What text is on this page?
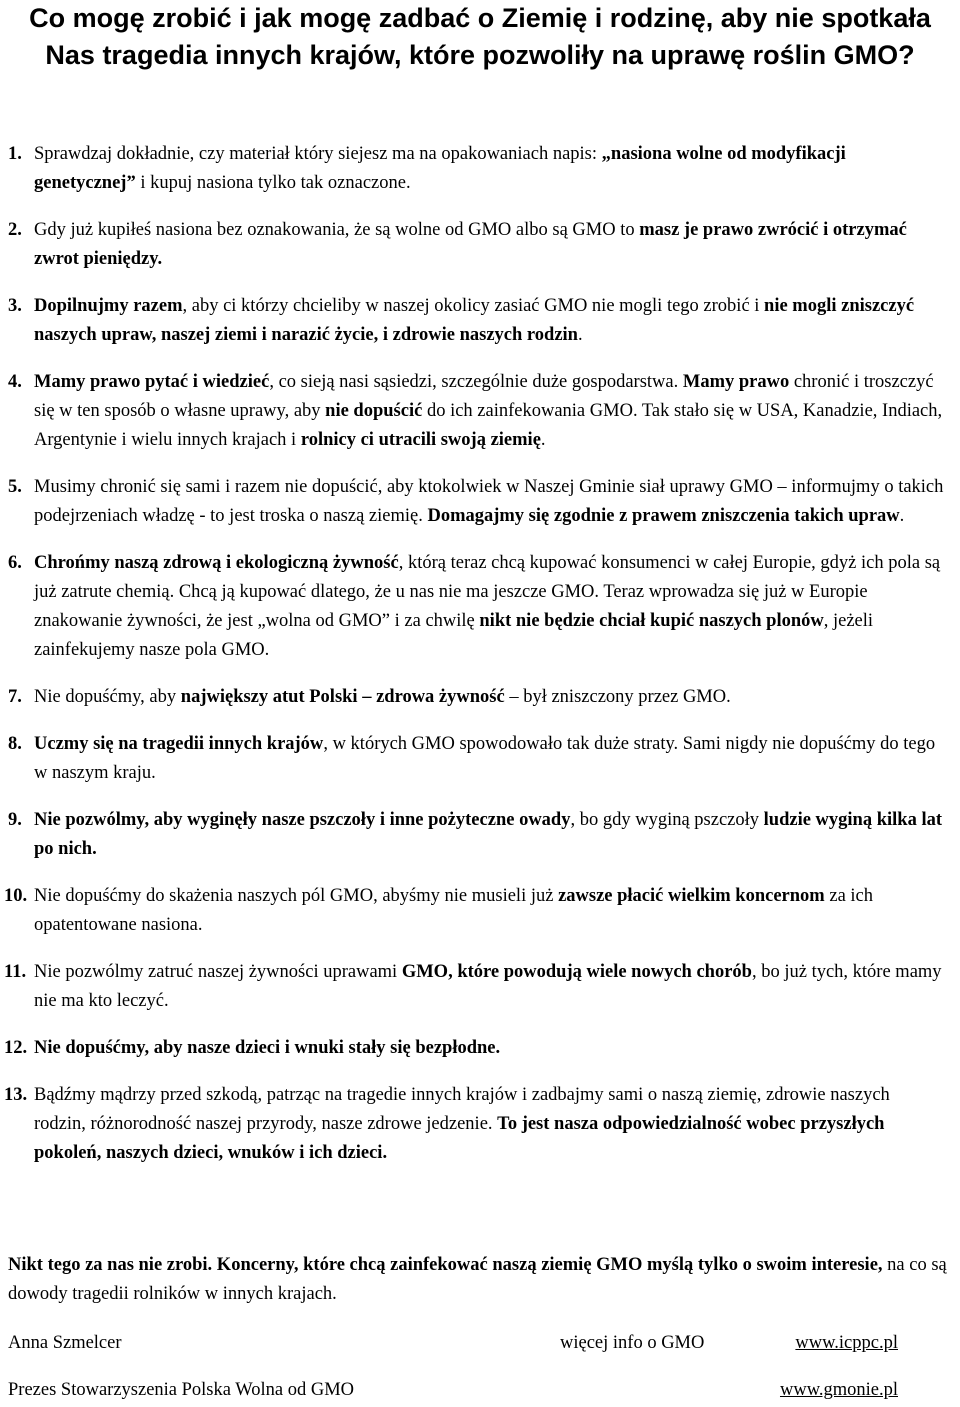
Co mogę zrobić i jak mogę zadbać o Ziemię i rodzinę, aby nie spotkała Nas tragedia innych krajów, które pozwoliły na uprawę roślin GMO?
1. Sprawdzaj dokładnie, czy materiał który siejesz ma na opakowaniach napis: „nasiona wolne od modyfikacji genetycznej” i kupuj nasiona tylko tak oznaczone.
2. Gdy już kupiłeś nasiona bez oznakowania, że są wolne od GMO albo są GMO to masz je prawo zwrócić i otrzymać zwrot pieniędzy.
3. Dopilnujmy razem, aby ci którzy chcieliby w naszej okolicy zasiać GMO nie mogli tego zrobić i nie mogli zniszczyć naszych upraw, naszej ziemi i narazić życie, i zdrowie naszych rodzin.
4. Mamy prawo pytać i wiedzieć, co sieją nasi sąsiedzi, szczególnie duże gospodarstwa. Mamy prawo chronić i troszczyć się w ten sposób o własne uprawy, aby nie dopuścić do ich zainfekowania GMO. Tak stało się w USA, Kanadzie, Indiach, Argentynie i wielu innych krajach i rolnicy ci utracili swoją ziemię.
5. Musimy chronić się sami i razem nie dopuścić, aby ktokolwiek w Naszej Gminie siał uprawy GMO – informujmy o takich podejrzeniach władzę - to jest troska o naszą ziemię. Domagajmy się zgodnie z prawem zniszczenia takich upraw.
6. Chrońmy naszą zdrową i ekologiczną żywność, którą teraz chcą kupować konsumenci w całej Europie, gdyż ich pola są już zatrute chemią. Chcą ją kupować dlatego, że u nas nie ma jeszcze GMO. Teraz wprowadza się już w Europie znakowanie żywności, że jest „wolna od GMO” i za chwilę nikt nie będzie chciał kupić naszych plonów, jeżeli zainfekujemy nasze pola GMO.
7. Nie dopuśćmy, aby największy atut Polski – zdrowa żywność – był zniszczony przez GMO.
8. Uczmy się na tragedii innych krajów, w których GMO spowodowało tak duże straty. Sami nigdy nie dopuśćmy do tego w naszym kraju.
9. Nie pozwólmy, aby wyginęły nasze pszczoły i inne pożyteczne owady, bo gdy wyginą pszczoły ludzie wyginą kilka lat po nich.
10. Nie dopuśćmy do skażenia naszych pól GMO, abyśmy nie musieli już zawsze płacić wielkim koncernom za ich opatentowane nasiona.
11. Nie pozwólmy zatruć naszej żywności uprawami GMO, które powodują wiele nowych chorób, bo już tych, które mamy nie ma kto leczyć.
12. Nie dopuśćmy, aby nasze dzieci i wnuki stały się bezpłodne.
13. Bądźmy mądrzy przed szkodą, patrząc na tragedie innych krajów i zadbajmy sami o naszą ziemię, zdrowie naszych rodzin, różnorodność naszej przyrody, nasze zdrowe jedzenie. To jest nasza odpowiedzialność wobec przyszłych pokoleń, naszych dzieci, wnuków i ich dzieci.

Nikt tego za nas nie zrobi. Koncerny, które chcą zainfekować naszą ziemię GMO myślą tylko o swoim interesie, na co są dowody tragedii rolników w innych krajach.

Anna Szmelcer	więcej info o GMO	www.icppc.pl
Prezes Stowarzyszenia Polska Wolna od GMO	www.gmonie.pl
